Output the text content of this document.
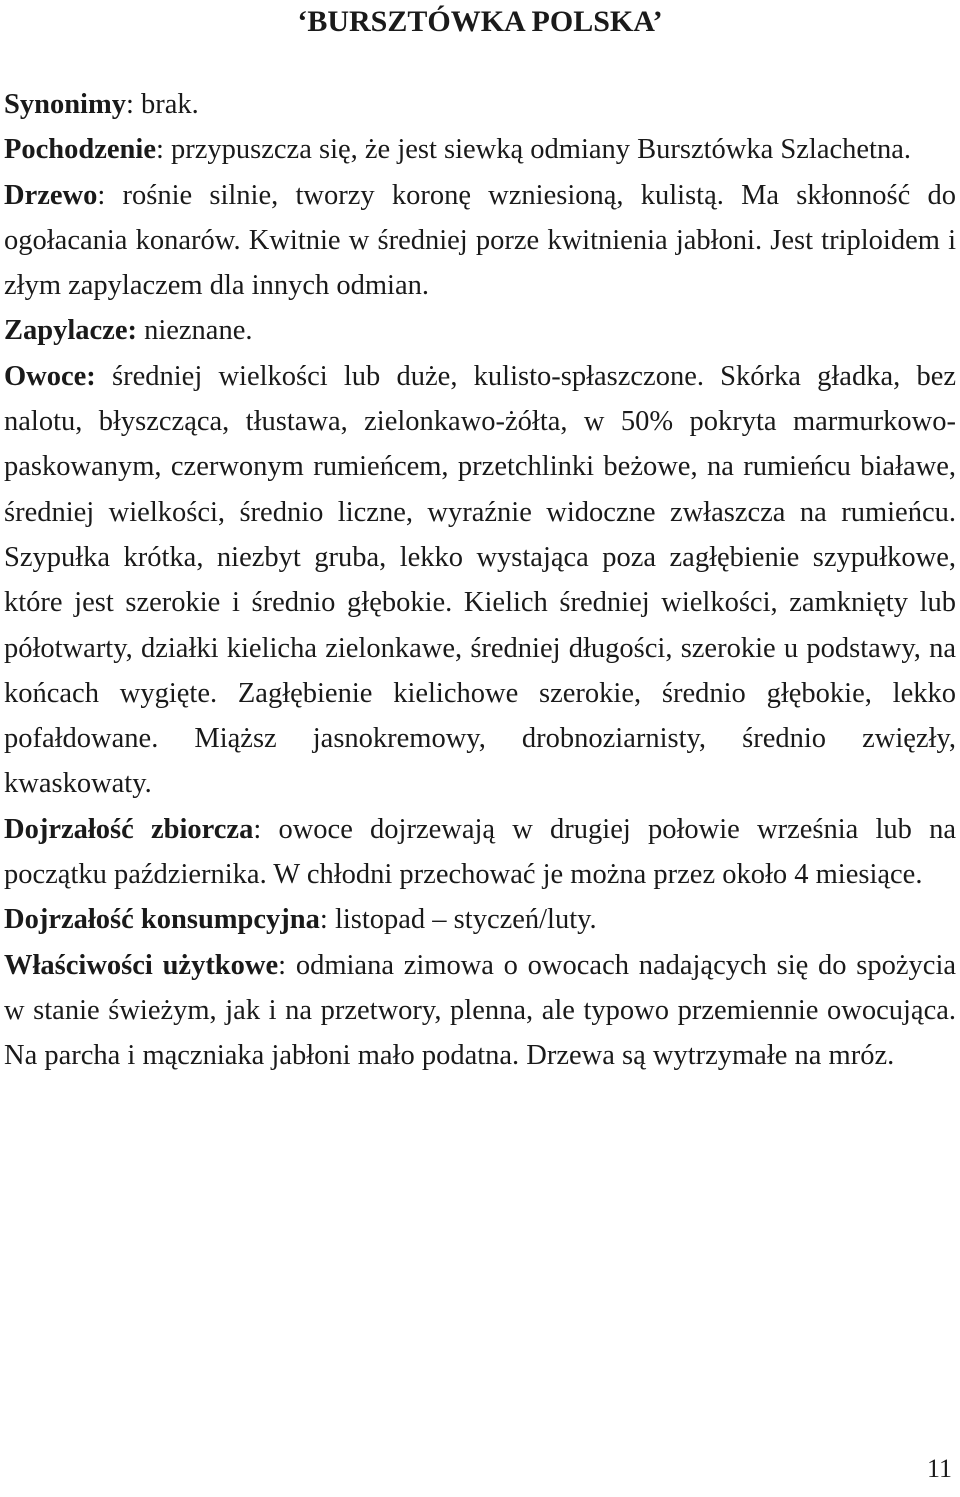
‘BURSZTÓWKA POLSKA’

Synonimy: brak.

Pochodzenie: przypuszcza się, że jest siewką odmiany Bursztówka Szlachetna.

Drzewo: rośnie silnie, tworzy koronę wzniesioną, kulistą. Ma skłonność do ogołacania konarów. Kwitnie w średniej porze kwitnienia jabłoni. Jest triploidem i złym zapylaczem dla innych odmian.

Zapylacze: nieznane.

Owoce: średniej wielkości lub duże, kulisto-spłaszczone. Skórka gładka, bez nalotu, błyszcząca, tłustawa, zielonkawo-żółta, w 50% pokryta marmurkowo-paskowanym, czerwonym rumieńcem, przetchlinki beżowe, na rumieńcu białawe, średniej wielkości, średnio liczne, wyraźnie widoczne zwłaszcza na rumieńcu. Szypułka krótka, niezbyt gruba, lekko wystająca poza zagłębienie szypułkowe, które jest szerokie i średnio głębokie. Kielich średniej wielkości, zamknięty lub półotwarty, działki kielicha zielonkawe, średniej długości, szerokie u podstawy, na końcach wygięte. Zagłębienie kielichowe szerokie, średnio głębokie, lekko pofałdowane. Miąższ jasnokremowy, drobnoziarnisty, średnio zwięzły, kwaskowaty.

Dojrzałość zbiorcza: owoce dojrzewają w drugiej połowie września lub na początku października. W chłodni przechować je można przez około 4 miesiące.

Dojrzałość konsumpcyjna: listopad – styczeń/luty.

Właściwości użytkowe: odmiana zimowa o owocach nadających się do spożycia w stanie świeżym, jak i na przetwory, plenna, ale typowo przemiennie owocująca. Na parcha i mączniaka jabłoni mało podatna. Drzewa są wytrzymałe na mróz.

11
